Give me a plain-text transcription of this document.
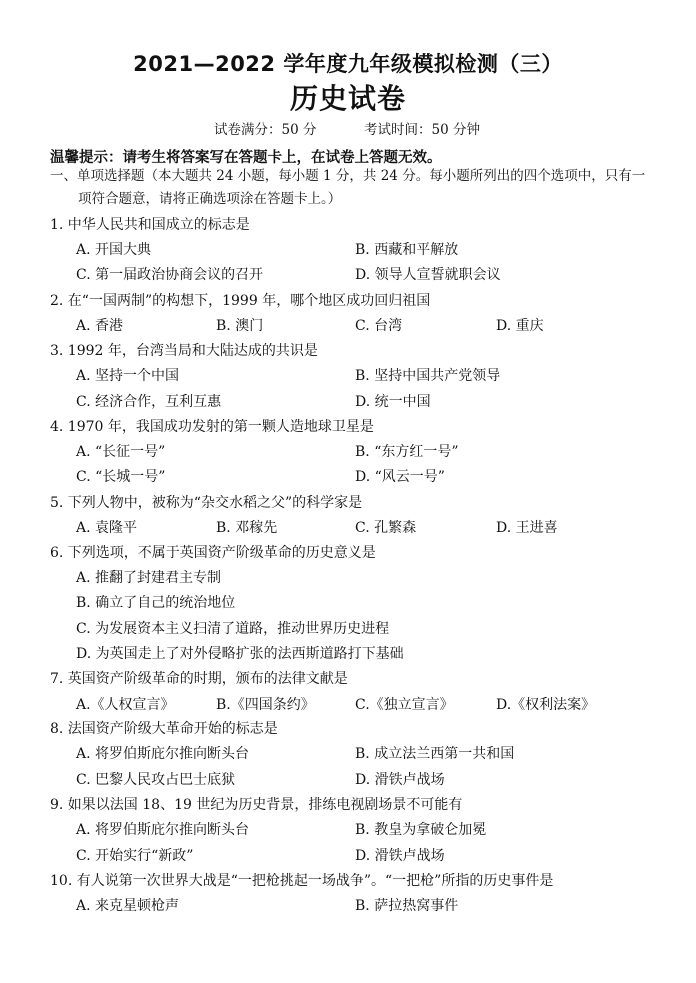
2021—2022 学年度九年级模拟检测（三）
历史试卷
试卷满分：50 分	考试时间：50 分钟
温馨提示：请考生将答案写在答题卡上，在试卷上答题无效。
一、单项选择题（本大题共 24 小题，每小题 1 分，共 24 分。每小题所列出的四个选项中，只有一
项符合题意，请将正确选项涂在答题卡上。）
1. 中华人民共和国成立的标志是
A. 开国大典	B. 西藏和平解放
C. 第一届政治协商会议的召开	D. 领导人宣誓就职会议
2. 在“一国两制”的构想下，1999 年，哪个地区成功回归祖国
A. 香港	B. 澳门	C. 台湾	D. 重庆
3. 1992 年，台湾当局和大陆达成的共识是
A. 坚持一个中国	B. 坚持中国共产党领导
C. 经济合作，互利互惠	D. 统一中国
4. 1970 年，我国成功发射的第一颗人造地球卫星是
A. “长征一号”	B. “东方红一号”
C. “长城一号”	D. “风云一号”
5. 下列人物中，被称为“杂交水稻之父”的科学家是
A. 袁隆平	B. 邓稼先	C. 孔繁森	D. 王进喜
6. 下列选项，不属于英国资产阶级革命的历史意义是
A. 推翻了封建君主专制
B. 确立了自己的统治地位
C. 为发展资本主义扫清了道路，推动世界历史进程
D. 为英国走上了对外侵略扩张的法西斯道路打下基础
7. 英国资产阶级革命的时期，颁布的法律文献是
A.《人权宣言》	B.《四国条约》	C.《独立宣言》	D.《权利法案》
8. 法国资产阶级大革命开始的标志是
A. 将罗伯斯庇尔推向断头台	B. 成立法兰西第一共和国
C. 巴黎人民攻占巴士底狱	D. 滑铁卢战场
9. 如果以法国 18、19 世纪为历史背景，排练电视剧场景不可能有
A. 将罗伯斯庇尔推向断头台	B. 教皇为拿破仑加冕
C. 开始实行“新政”	D. 滑铁卢战场
10. 有人说第一次世界大战是“一把枪挑起一场战争”。“一把枪”所指的历史事件是
A. 来克星顿枪声	B. 萨拉热窝事件
